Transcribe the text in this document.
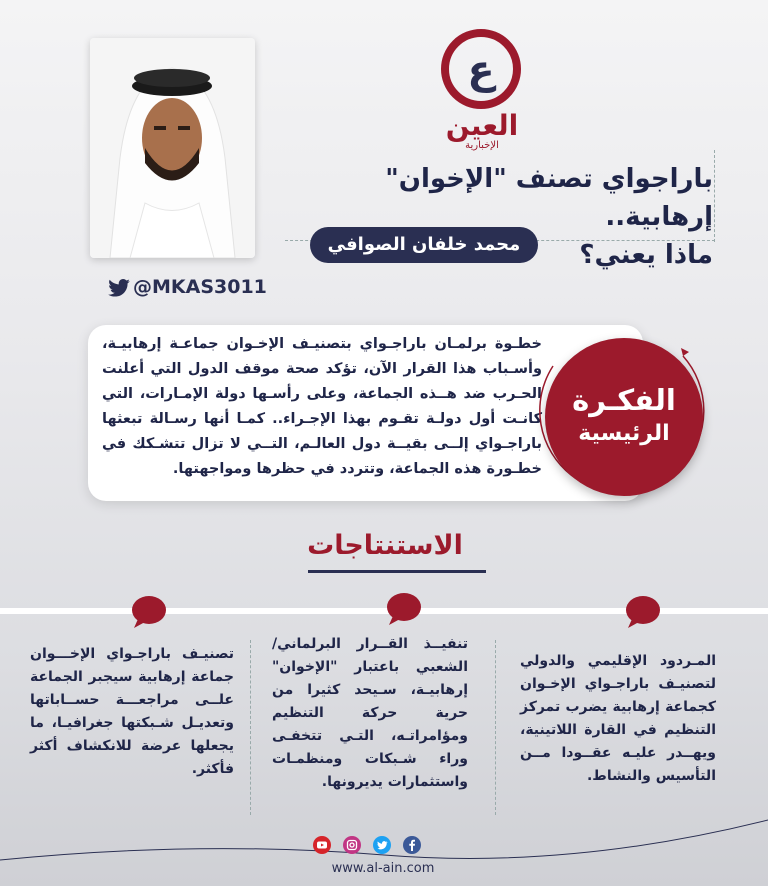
ع
العين
الإخبارية
باراجواي تصنف "الإخوان" إرهابية..
ماذا يعني؟
محمد خلفان الصوافي
@MKAS3011
خطـوة برلمـان باراجـواي بتصنيـف الإخـوان جماعـة إرهابيـة، وأسـباب هذا القرار الآن، تؤكد صحة موقف الدول التي أعلنت الحـرب ضد هــذه الجماعة، وعلى رأسـها دولة الإمـارات، التي كانـت أول دولـة تقـوم بهذا الإجـراء.. كمـا أنها رسـالة تبعثها باراجـواي إلــى بقيــة دول العالـم، التــي لا تزال تتشـكك في خطـورة هذه الجماعة، وتتردد في حظرها ومواجهتها.
الفكـرة
الرئيسية
الاستنتاجات
المـردود الإقليمي والدولي لتصنيـف باراجـواي الإخـوان كجماعة إرهابية يضرب تمركز التنظيم في القارة اللاتينية، ويهــدر عليـه عقــودا مــن التأسيس والنشاط.
تنفيــذ القــرار البرلماني/الشعبي باعتبار "الإخوان" إرهابيـة، سـيحد كثيرا من حرية حركة التنظيم ومؤامراتـه، التـي تتخفـى وراء شـبكات ومنظمـات واستثمارات يديرونها.
تصنيـف باراجـواي الإخـــوان جماعة إرهابية سيجبر الجماعة علــى مراجعـــة حســاباتها وتعديـل شـبكتها جغرافيـا، ما يجعلها عرضة للانكشاف أكثر فأكثر.
www.al-ain.com
